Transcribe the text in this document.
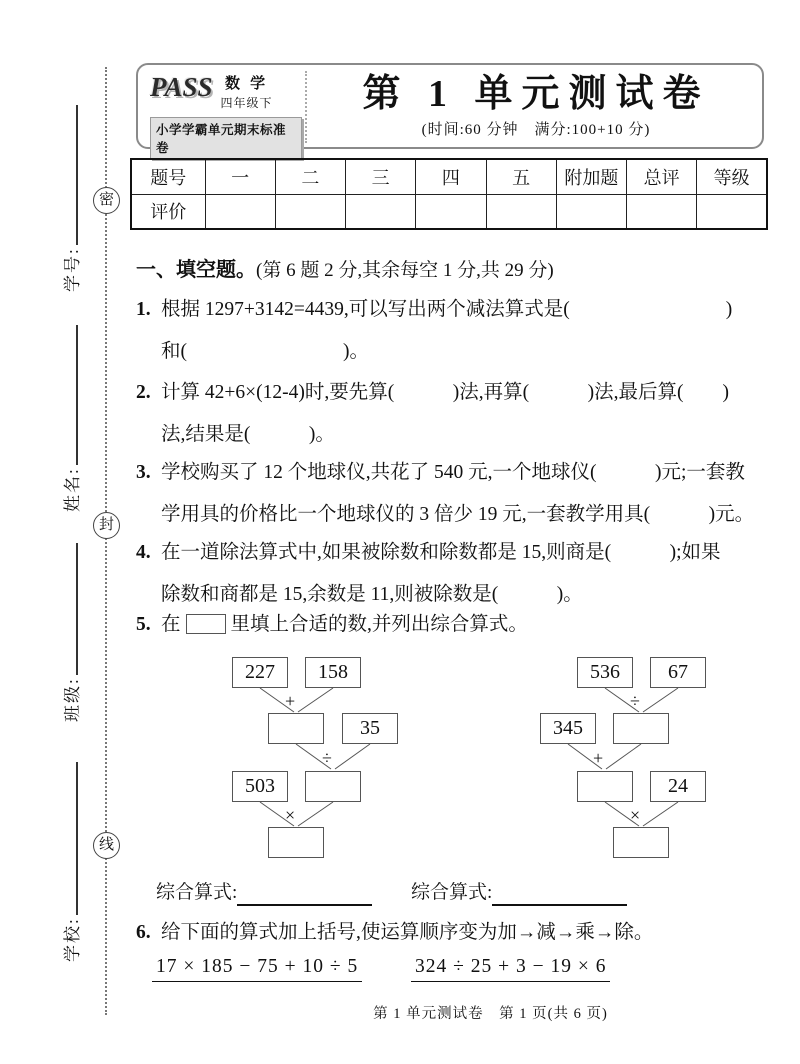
密
封
线
学号:
姓名:
班级:
学校:
PASS 数 学
四年级下
小学学霸单元期末标准卷
第 1 单元测试卷
(时间:60 分钟　满分:100+10 分)
题号	一	二	三	四	五	附加题	总评	等级
评价								
一、填空题。(第 6 题 2 分,其余每空 1 分,共 29 分)
1. 根据 1297+3142=4439,可以写出两个减法算式是(　　　　　　　　)
和(　　　　　　　　)。
2. 计算 42+6×(12-4)时,要先算(　　　)法,再算(　　　)法,最后算(　　)
法,结果是(　　　)。
3. 学校购买了 12 个地球仪,共花了 540 元,一个地球仪(　　　)元;一套教
学用具的价格比一个地球仪的 3 倍少 19 元,一套教学用具(　　　)元。
4. 在一道除法算式中,如果被除数和除数都是 15,则商是(　　　);如果
除数和商都是 15,余数是 11,则被除数是(　　　)。
5. 在	里填上合适的数,并列出综合算式。
227	158
35
503
+
÷
×
536	67
345
24
÷
+
×
综合算式:	综合算式:
6. 给下面的算式加上括号,使运算顺序变为加→减→乘→除。
17 × 185 − 75 + 10 ÷ 5	324 ÷ 25 + 3 − 19 × 6
第 1 单元测试卷　第 1 页(共 6 页)
